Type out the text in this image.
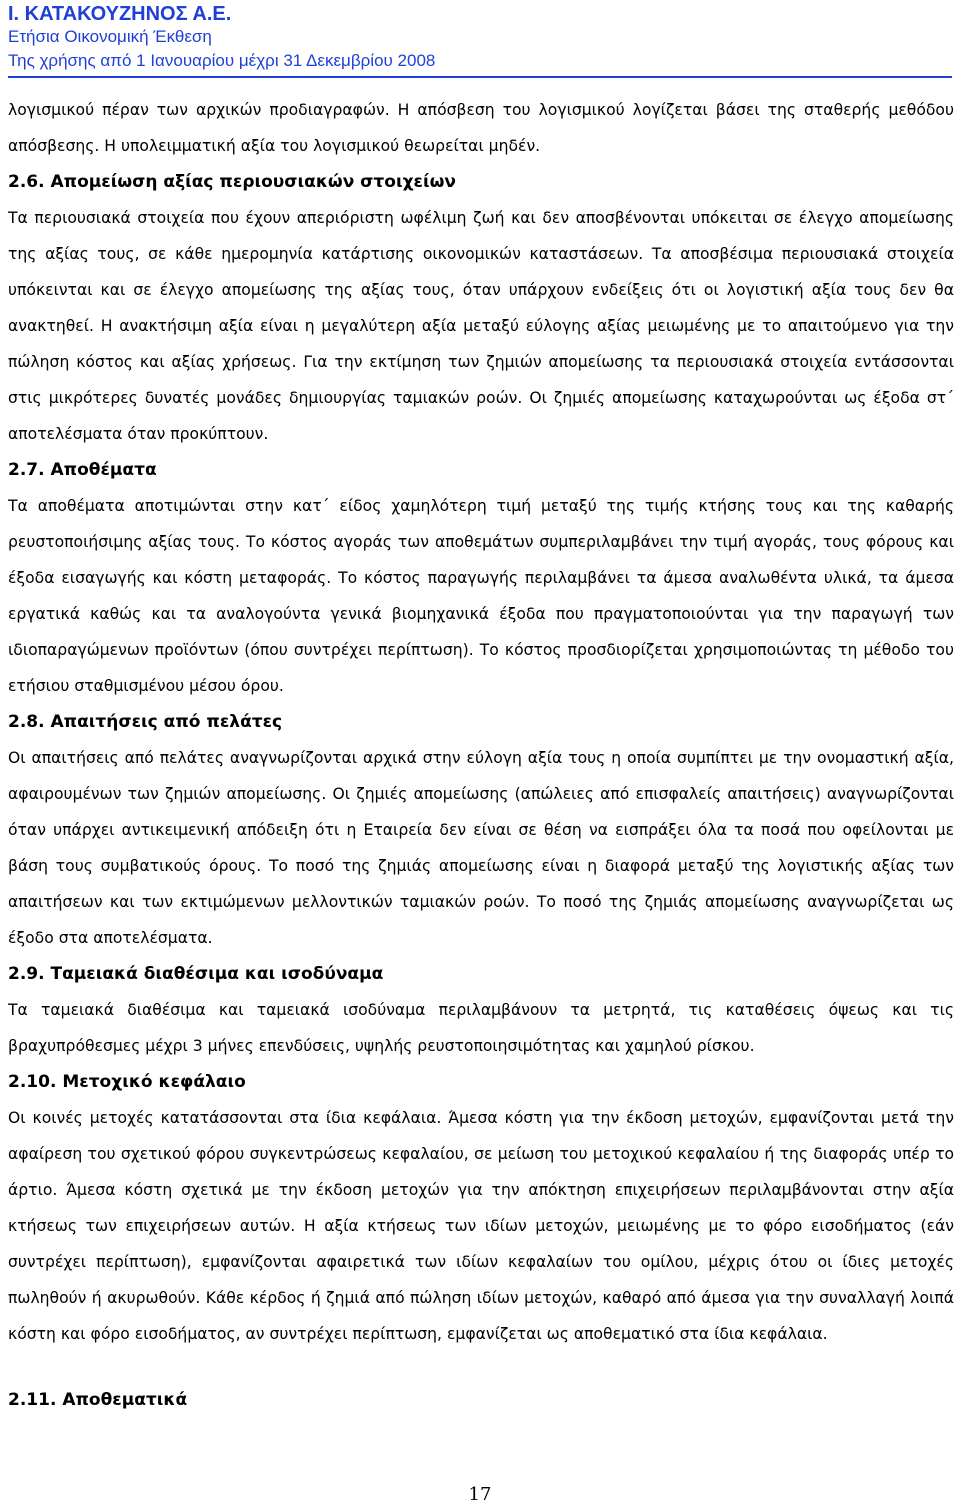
Ι. ΚΑΤΑΚΟΥΖΗΝΟΣ Α.Ε.
Ετήσια Οικονομική Έκθεση
Της χρήσης από 1 Ιανουαρίου μέχρι 31 Δεκεμβρίου 2008

λογισμικού πέραν των αρχικών προδιαγραφών. Η απόσβεση του λογισμικού λογίζεται βάσει της σταθερής μεθόδου απόσβεσης. Η υπολειμματική αξία του λογισμικού θεωρείται μηδέν.

2.6. Απομείωση αξίας περιουσιακών στοιχείων

Τα περιουσιακά στοιχεία που έχουν απεριόριστη ωφέλιμη ζωή και δεν αποσβένονται υπόκειται σε έλεγχο απομείωσης της αξίας τους, σε κάθε ημερομηνία κατάρτισης οικονομικών καταστάσεων. Τα αποσβέσιμα περιουσιακά στοιχεία υπόκεινται και σε έλεγχο απομείωσης της αξίας τους, όταν υπάρχουν ενδείξεις ότι οι λογιστική αξία τους δεν θα ανακτηθεί. Η ανακτήσιμη αξία είναι η μεγαλύτερη αξία μεταξύ εύλογης αξίας μειωμένης με το απαιτούμενο για την πώληση κόστος και αξίας χρήσεως. Για την εκτίμηση των ζημιών απομείωσης τα περιουσιακά στοιχεία εντάσσονται στις μικρότερες δυνατές μονάδες δημιουργίας ταμιακών ροών. Οι ζημιές απομείωσης καταχωρούνται ως έξοδα στ΄ αποτελέσματα όταν προκύπτουν.

2.7. Αποθέματα

Τα αποθέματα αποτιμώνται στην κατ΄ είδος χαμηλότερη τιμή μεταξύ της τιμής κτήσης τους και της καθαρής ρευστοποιήσιμης αξίας τους. Το κόστος αγοράς των αποθεμάτων συμπεριλαμβάνει την τιμή αγοράς, τους φόρους και έξοδα εισαγωγής και κόστη μεταφοράς. Το κόστος παραγωγής περιλαμβάνει τα άμεσα αναλωθέντα υλικά, τα άμεσα εργατικά καθώς και τα αναλογούντα γενικά βιομηχανικά έξοδα που πραγματοποιούνται για την παραγωγή των ιδιοπαραγώμενων προϊόντων (όπου συντρέχει περίπτωση). Το κόστος προσδιορίζεται χρησιμοποιώντας τη μέθοδο του ετήσιου σταθμισμένου μέσου όρου.

2.8. Απαιτήσεις από πελάτες

Οι απαιτήσεις από πελάτες αναγνωρίζονται αρχικά στην εύλογη αξία τους η οποία συμπίπτει με την ονομαστική αξία, αφαιρουμένων των ζημιών απομείωσης. Οι ζημιές απομείωσης (απώλειες από επισφαλείς απαιτήσεις) αναγνωρίζονται όταν υπάρχει αντικειμενική απόδειξη ότι η Εταιρεία δεν είναι σε θέση να εισπράξει όλα τα ποσά που οφείλονται με βάση τους συμβατικούς όρους. Το ποσό της ζημιάς απομείωσης είναι η διαφορά μεταξύ της λογιστικής αξίας των απαιτήσεων και των εκτιμώμενων μελλοντικών ταμιακών ροών. Το ποσό της ζημιάς απομείωσης αναγνωρίζεται ως έξοδο στα αποτελέσματα.

2.9. Ταμειακά διαθέσιμα και ισοδύναμα

Τα ταμειακά διαθέσιμα και ταμειακά ισοδύναμα περιλαμβάνουν τα μετρητά, τις καταθέσεις όψεως και τις βραχυπρόθεσμες μέχρι 3 μήνες επενδύσεις, υψηλής ρευστοποιησιμότητας και χαμηλού ρίσκου.

2.10. Μετοχικό κεφάλαιο

Οι κοινές μετοχές κατατάσσονται στα ίδια κεφάλαια. Άμεσα κόστη για την έκδοση μετοχών, εμφανίζονται μετά την αφαίρεση του σχετικού φόρου συγκεντρώσεως κεφαλαίου, σε μείωση του μετοχικού κεφαλαίου ή της διαφοράς υπέρ το άρτιο. Άμεσα κόστη σχετικά με την έκδοση μετοχών για την απόκτηση επιχειρήσεων περιλαμβάνονται στην αξία κτήσεως των επιχειρήσεων αυτών. Η αξία κτήσεως των ιδίων μετοχών, μειωμένης με το φόρο εισοδήματος (εάν συντρέχει περίπτωση), εμφανίζονται αφαιρετικά των ιδίων κεφαλαίων του ομίλου, μέχρις ότου οι ίδιες μετοχές πωληθούν ή ακυρωθούν. Κάθε κέρδος ή ζημιά από πώληση ιδίων μετοχών, καθαρό από άμεσα για την συναλλαγή λοιπά κόστη και φόρο εισοδήματος, αν συντρέχει περίπτωση, εμφανίζεται ως αποθεματικό στα ίδια κεφάλαια.

2.11. Αποθεματικά
17
